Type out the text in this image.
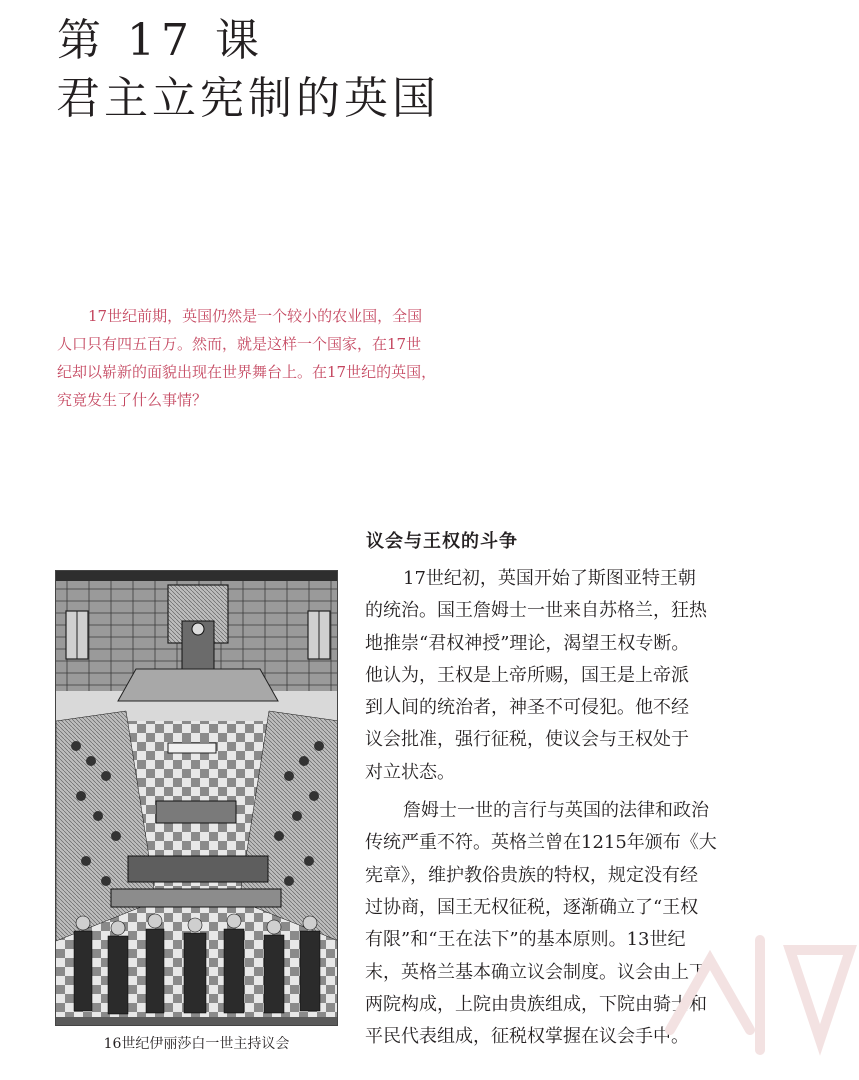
第 17 课
君主立宪制的英国
17世纪前期，英国仍然是一个较小的农业国，全国
人口只有四五百万。然而，就是这样一个国家，在17世
纪却以崭新的面貌出现在世界舞台上。在17世纪的英国，
究竟发生了什么事情？
议会与王权的斗争
17世纪初，英国开始了斯图亚特王朝
的统治。国王詹姆士一世来自苏格兰，狂热
地推崇“君权神授”理论，渴望王权专断。
他认为，王权是上帝所赐，国王是上帝派
到人间的统治者，神圣不可侵犯。他不经
议会批准，强行征税，使议会与王权处于
对立状态。
詹姆士一世的言行与英国的法律和政治
传统严重不符。英格兰曾在1215年颁布《大
宪章》，维护教俗贵族的特权，规定没有经
过协商，国王无权征税，逐渐确立了“王权
有限”和“王在法下”的基本原则。13世纪
末，英格兰基本确立议会制度。议会由上下
两院构成，上院由贵族组成，下院由骑士和
平民代表组成，征税权掌握在议会手中。
16世纪伊丽莎白一世主持议会
